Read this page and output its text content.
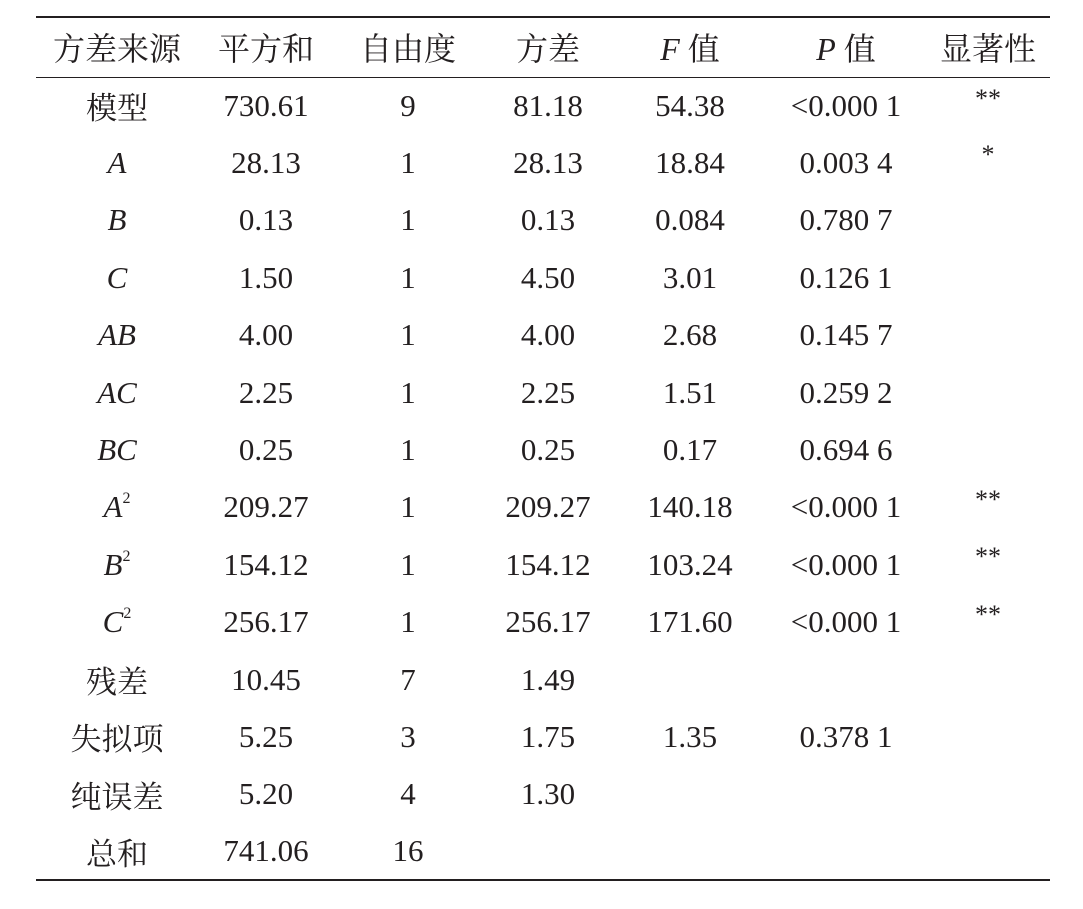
方差来源	平方和	自由度	方差	F 值	P 值	显著性
模型	730.61	9	81.18	54.38	<0.000 1	**
A	28.13	1	28.13	18.84	0.003 4	*
B	0.13	1	0.13	0.084	0.780 7	
C	1.50	1	4.50	3.01	0.126 1	
AB	4.00	1	4.00	2.68	0.145 7	
AC	2.25	1	2.25	1.51	0.259 2	
BC	0.25	1	0.25	0.17	0.694 6	
$A^2$	209.27	1	209.27	140.18	<0.000 1	**
$B^2$	154.12	1	154.12	103.24	<0.000 1	**
$C^2$	256.17	1	256.17	171.60	<0.000 1	**
残差	10.45	7	1.49			
失拟项	5.25	3	1.75	1.35	0.378 1	
纯误差	5.20	4	1.30			
总和	741.06	16				
